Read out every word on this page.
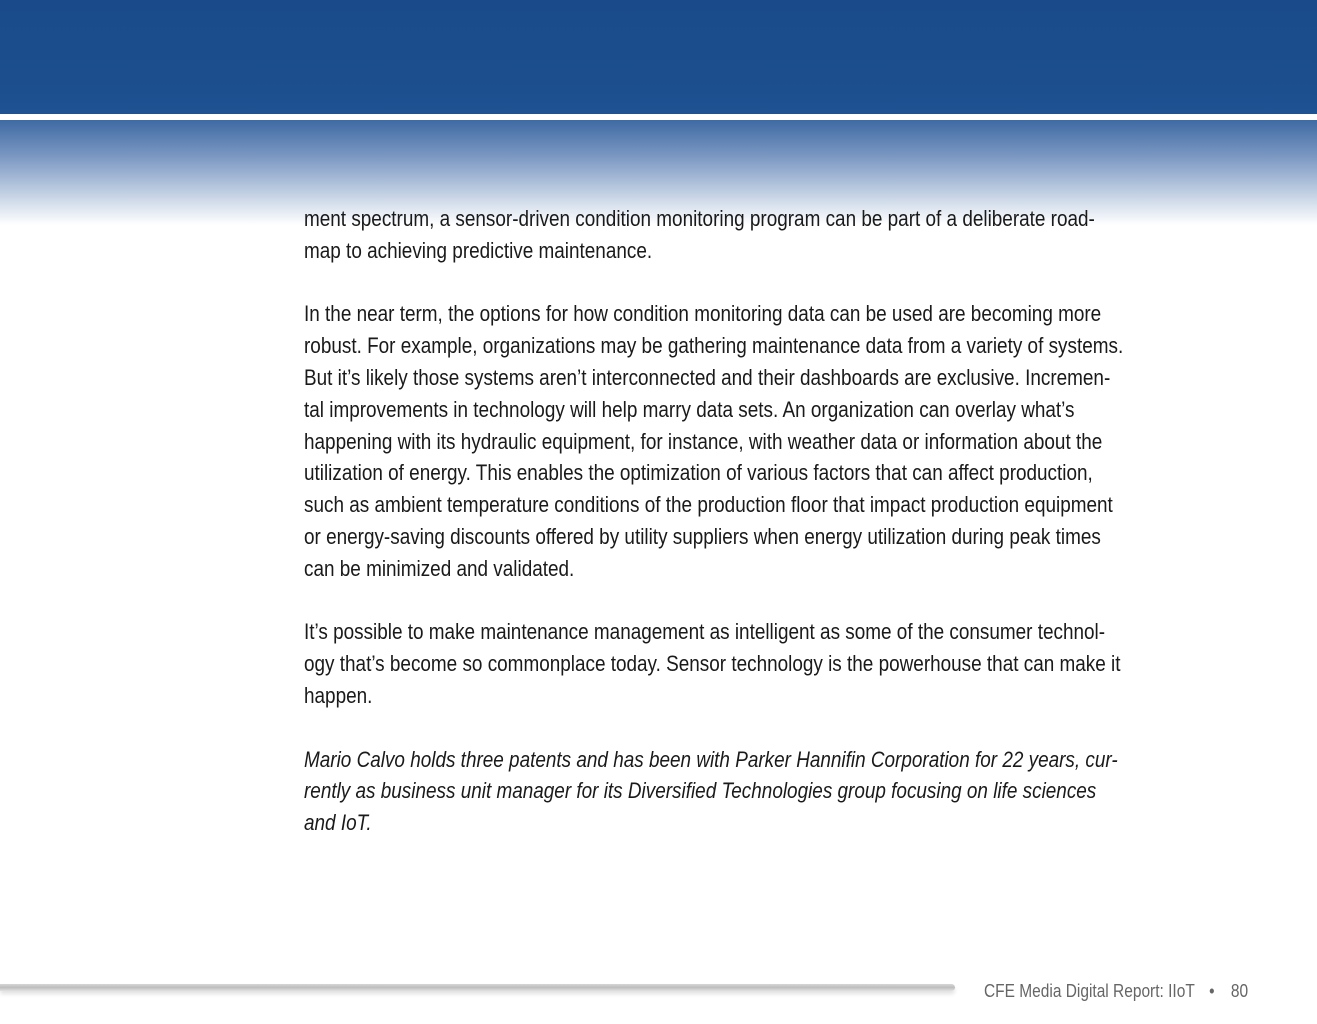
ment spectrum, a sensor-driven condition monitoring program can be part of a deliberate road-
map to achieving predictive maintenance.

In the near term, the options for how condition monitoring data can be used are becoming more
robust. For example, organizations may be gathering maintenance data from a variety of systems.
But it’s likely those systems aren’t interconnected and their dashboards are exclusive. Incremen-
tal improvements in technology will help marry data sets. An organization can overlay what’s
happening with its hydraulic equipment, for instance, with weather data or information about the
utilization of energy. This enables the optimization of various factors that can affect production,
such as ambient temperature conditions of the production floor that impact production equipment
or energy-saving discounts offered by utility suppliers when energy utilization during peak times
can be minimized and validated.

It’s possible to make maintenance management as intelligent as some of the consumer technol-
ogy that’s become so commonplace today. Sensor technology is the powerhouse that can make it
happen.

Mario Calvo holds three patents and has been with Parker Hannifin Corporation for 22 years, cur-
rently as business unit manager for its Diversified Technologies group focusing on life sciences
and IoT.

CFE Media Digital Report: IIoT • 80
